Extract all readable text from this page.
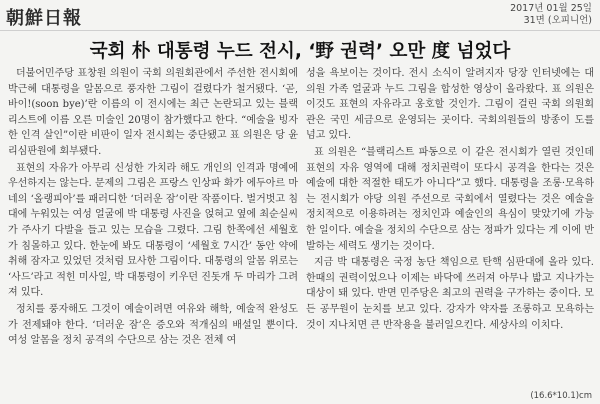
朝鮮日報	2017년 01월 25일
31면 (오피니언)
국회 朴 대통령 누드 전시, ‘野 권력’ 오만 度 넘었다

더불어민주당 표창원 의원이 국회 의원회관에서 주선한 전시회에 박근혜 대통령을 알몸으로 풍자한 그림이 걸렸다가 철거됐다. ‘곧, 바이!(soon bye)’란 이름의 이 전시에는 최근 논란되고 있는 블랙리스트에 이름 오른 미술인 20명이 참가했다고 한다. “예술을 빙자한 인격 살인”이란 비판이 일자 전시회는 중단됐고 표 의원은 당 윤리심판원에 회부됐다.

표현의 자유가 아무리 신성한 가치라 해도 개인의 인격과 명예에 우선하지는 않는다. 문제의 그림은 프랑스 인상파 화가 에두아르 마네의 ‘올랭피아’를 패러디한 ‘더러운 잠’이란 작품이다. 벌거벗고 침대에 누워있는 여성 얼굴에 박 대통령 사진을 얹혀고 옆에 최순실씨가 주사기 다발을 들고 있는 모습을 그렸다. 그림 한쪽에선 세월호가 침몰하고 있다. 한눈에 봐도 대통령이 ‘세월호 7시간’ 동안 약에 취해 잠자고 있었던 것처럼 묘사한 그림이다. 대통령의 알몸 위로는 ‘사드’라고 적힌 미사일, 박 대통령이 키우던 진돗개 두 마리가 그려져 있다.

정치를 풍자해도 그것이 예술이려면 여유와 해학, 예술적 완성도가 전제돼야 한다. ‘더러운 잠’은 증오와 적개심의 배설일 뿐이다. 여성 알몸을 정치 공격의 수단으로 삼는 것은 전체 여

성을 욕보이는 것이다. 전시 소식이 알려지자 당장 인터넷에는 대 의원 가족 얼굴과 누드 그림을 합성한 영상이 올라왔다. 표 의원은 이것도 표현의 자유라고 옹호할 것인가. 그림이 걸린 국회 의원회관은 국민 세금으로 운영되는 곳이다. 국회의원들의 방종이 도를 넘고 있다.

표 의원은 “블랙리스트 파동으로 이 같은 전시회가 열린 것인데 표현의 자유 영역에 대해 정치권력이 또다시 공격을 한다는 것은 예술에 대한 적절한 태도가 아니다”고 했다. 대통령을 조롱·모욕하는 전시회가 야당 의원 주선으로 국회에서 열렸다는 것은 예술을 정치적으로 이용하려는 정치인과 예술인의 욕심이 맞았기에 가능한 일이다. 예술을 정치의 수단으로 삼는 정파가 있다는 게 이에 반발하는 세력도 생기는 것이다.

지금 박 대통령은 국정 농단 책임으로 탄핵 심판대에 올라 있다. 한때의 권력이었으나 이제는 바닥에 쓰러져 아무나 밟고 지나가는 대상이 돼 있다. 반면 민주당은 최고의 권력을 구가하는 중이다. 모든 공무원이 눈치를 보고 있다. 강자가 약자를 조롱하고 모욕하는 것이 지나치면 큰 반작용을 불러일으킨다. 세상사의 이치다.

(16.6*10.1)cm
